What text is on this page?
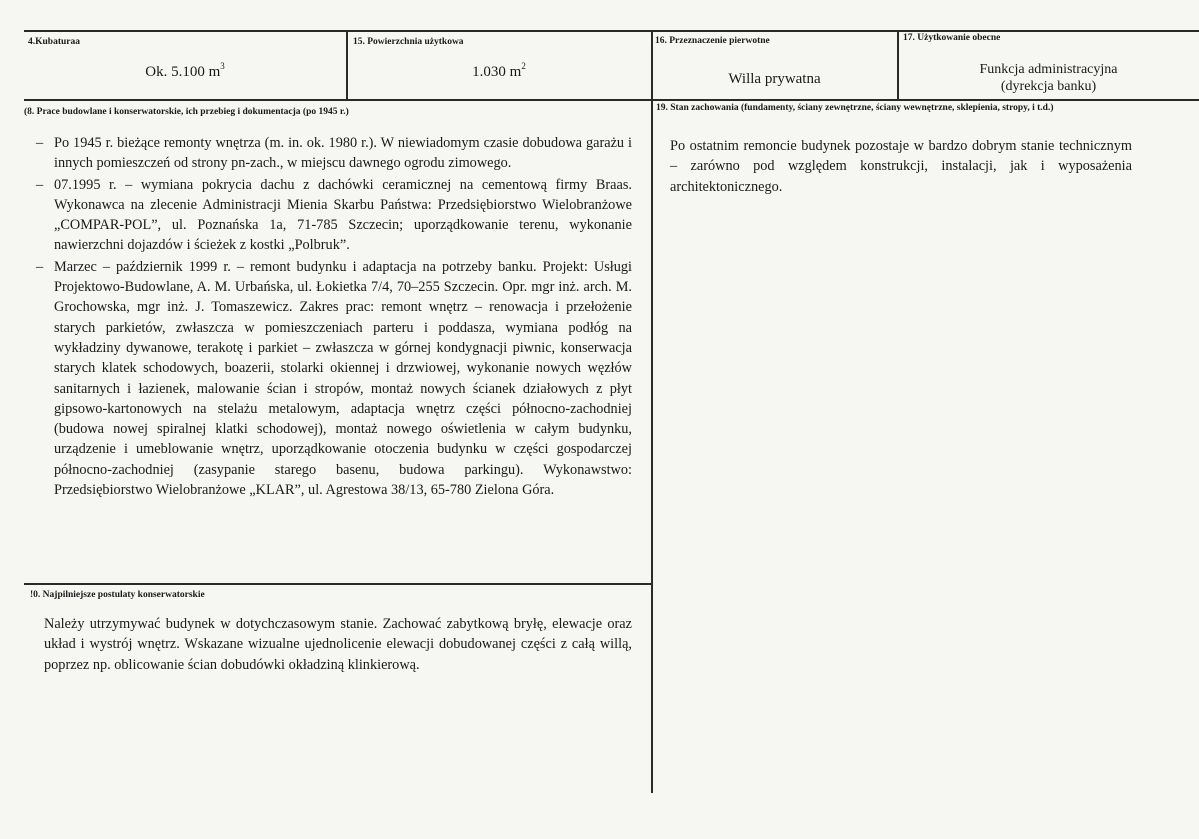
4.Kubaturaa
Ok. 5.100 $m^3$
15. Powierzchnia użytkowa
1.030 $m^2$
16. Przeznaczenie pierwotne
Willa prywatna
17. Użytkowanie obecne
Funkcja administracyjna
(dyrekcja banku)
(8. Prace budowlane i konserwatorskie, ich przebieg i dokumentacja (po 1945 r.)
– Po 1945 r. bieżące remonty wnętrza (m. in. ok. 1980 r.). W niewiadomym czasie dobudowa garażu i innych pomieszczeń od strony pn-zach., w miejscu dawnego ogrodu zimowego.
– 07.1995 r. – wymiana pokrycia dachu z dachówki ceramicznej na cementową firmy Braas. Wykonawca na zlecenie Administracji Mienia Skarbu Państwa: Przedsiębiorstwo Wielobranżowe „COMPAR-POL”, ul. Poznańska 1a, 71-785 Szczecin; uporządkowanie terenu, wykonanie nawierzchni dojazdów i ścieżek z kostki „Polbruk”.
– Marzec – październik 1999 r. – remont budynku i adaptacja na potrzeby banku. Projekt: Usługi Projektowo-Budowlane, A. M. Urbańska, ul. Łokietka 7/4, 70–255 Szczecin. Opr. mgr inż. arch. M. Grochowska, mgr inż. J. Tomaszewicz. Zakres prac: remont wnętrz – renowacja i przełożenie starych parkietów, zwłaszcza w pomieszczeniach parteru i poddasza, wymiana podłóg na wykładziny dywanowe, terakotę i parkiet – zwłaszcza w górnej kondygnacji piwnic, konserwacja starych klatek schodowych, boazerii, stolarki okiennej i drzwiowej, wykonanie nowych węzłów sanitarnych i łazienek, malowanie ścian i stropów, montaż nowych ścianek działowych z płyt gipsowo-kartonowych na stelażu metalowym, adaptacja wnętrz części północno-zachodniej (budowa nowej spiralnej klatki schodowej), montaż nowego oświetlenia w całym budynku, urządzenie i umeblowanie wnętrz, uporządkowanie otoczenia budynku w części gospodarczej północno-zachodniej (zasypanie starego basenu, budowa parkingu). Wykonawstwo: Przedsiębiorstwo Wielobranżowe „KLAR”, ul. Agrestowa 38/13, 65-780 Zielona Góra.
19. Stan zachowania (fundamenty, ściany zewnętrzne, ściany wewnętrzne, sklepienia, stropy, i t.d.)
Po ostatnim remoncie budynek pozostaje w bardzo dobrym stanie technicznym – zarówno pod względem konstrukcji, instalacji, jak i wyposażenia architektonicznego.
!0. Najpilniejsze postulaty konserwatorskie
Należy utrzymywać budynek w dotychczasowym stanie. Zachować zabytkową bryłę, elewacje oraz układ i wystrój wnętrz. Wskazane wizualne ujednolicenie elewacji dobudowanej części z całą willą, poprzez np. oblicowanie ścian dobudówki okładziną klinkierową.
